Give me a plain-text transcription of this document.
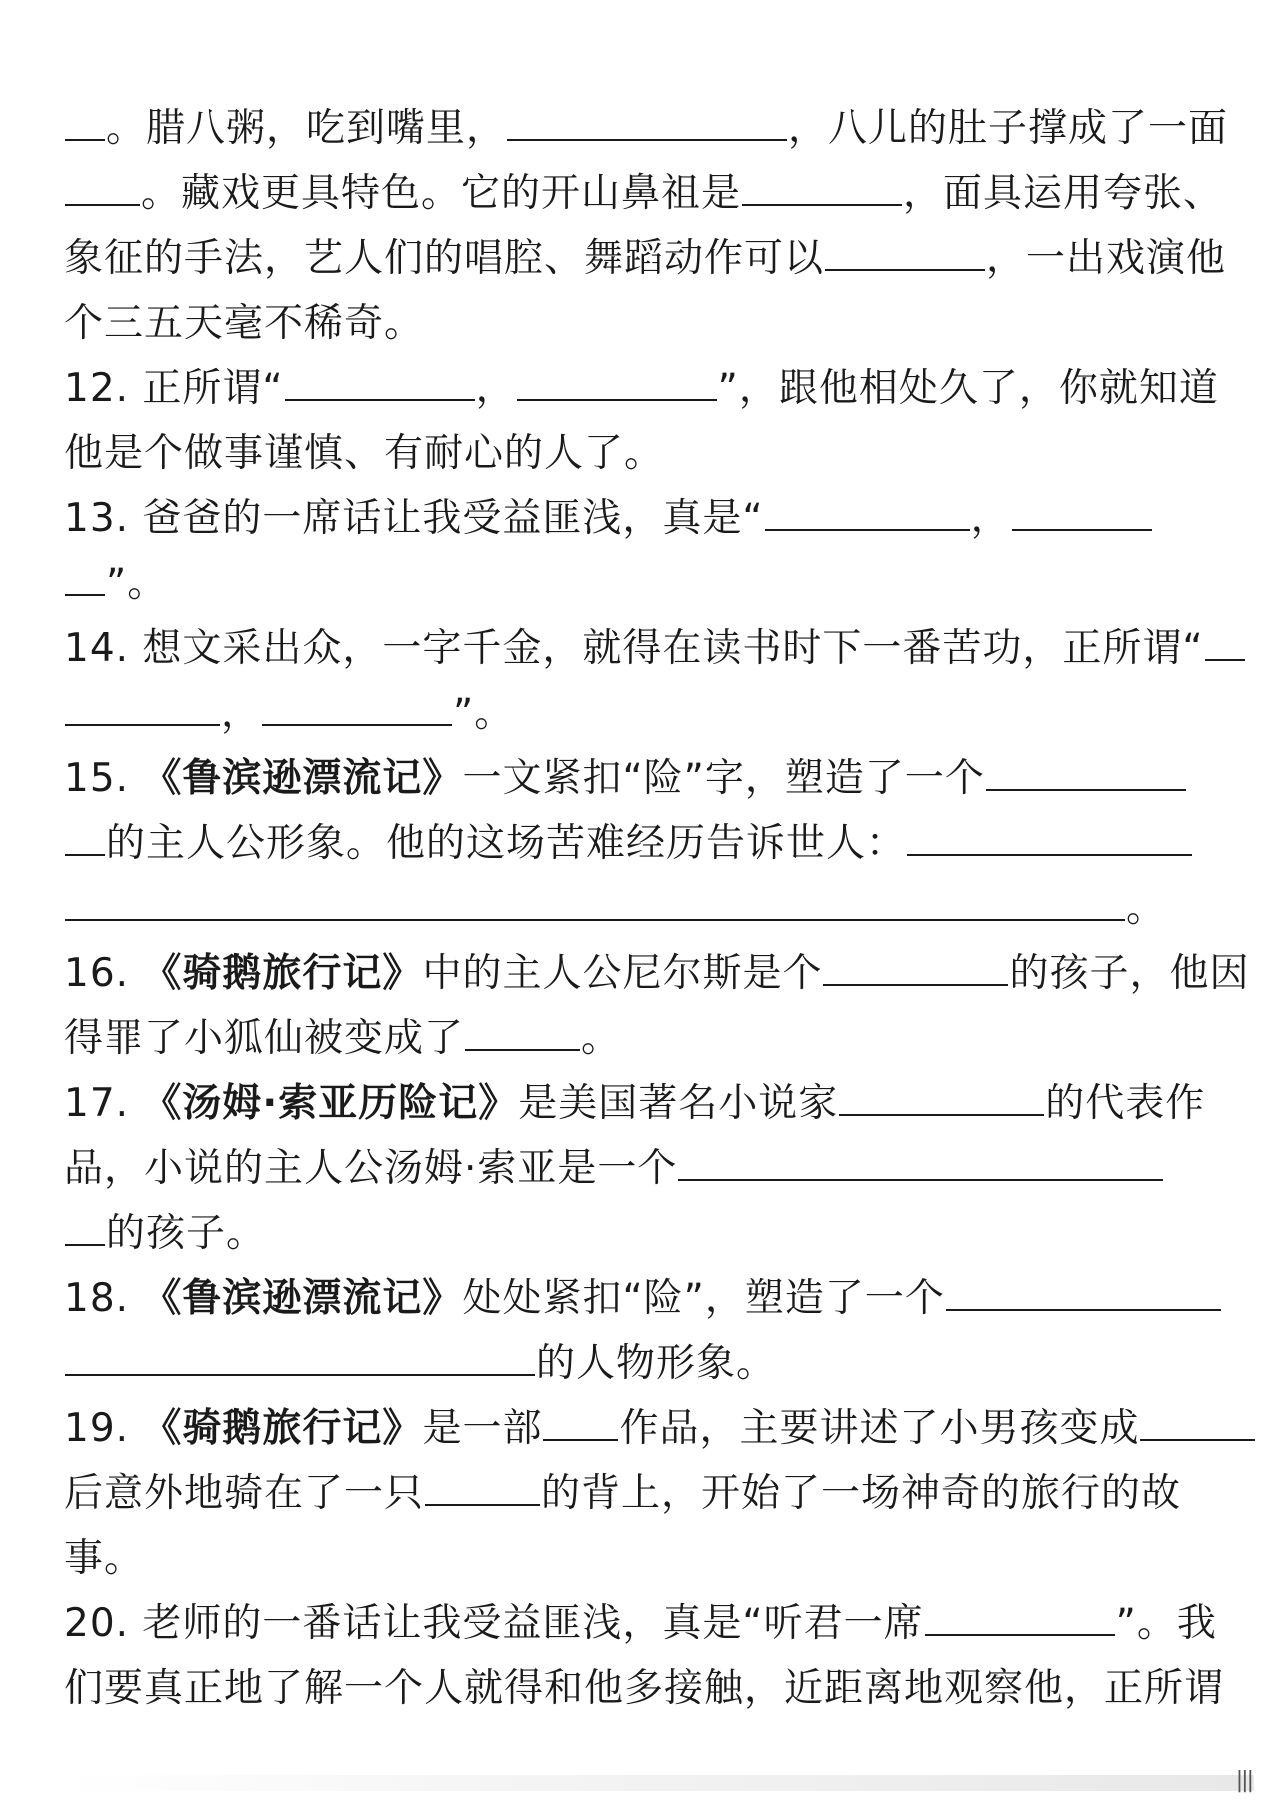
。腊八粥，吃到嘴里，	，八儿的肚子撑成了一面
。藏戏更具特色。它的开山鼻祖是	，面具运用夸张、
象征的手法，艺人们的唱腔、舞蹈动作可以	，一出戏演他
个三五天毫不稀奇。
12. 正所谓“	，	”，跟他相处久了，你就知道
他是个做事谨慎、有耐心的人了。
13. 爸爸的一席话让我受益匪浅，真是“	，
”。
14. 想文采出众，一字千金，就得在读书时下一番苦功，正所谓“
，	”。
15. 《鲁滨逊漂流记》一文紧扣“险”字，塑造了一个
的主人公形象。他的这场苦难经历告诉世人：
。
16. 《骑鹅旅行记》中的主人公尼尔斯是个	的孩子，他因
得罪了小狐仙被变成了	。
17. 《汤姆·索亚历险记》是美国著名小说家	的代表作
品，小说的主人公汤姆·索亚是一个
的孩子。
18. 《鲁滨逊漂流记》处处紧扣“险”，塑造了一个
的人物形象。
19. 《骑鹅旅行记》是一部 作品，主要讲述了小男孩变成
后意外地骑在了一只	的背上，开始了一场神奇的旅行的故
事。
20. 老师的一番话让我受益匪浅，真是“听君一席	”。我
们要真正地了解一个人就得和他多接触，近距离地观察他，正所谓
|||
